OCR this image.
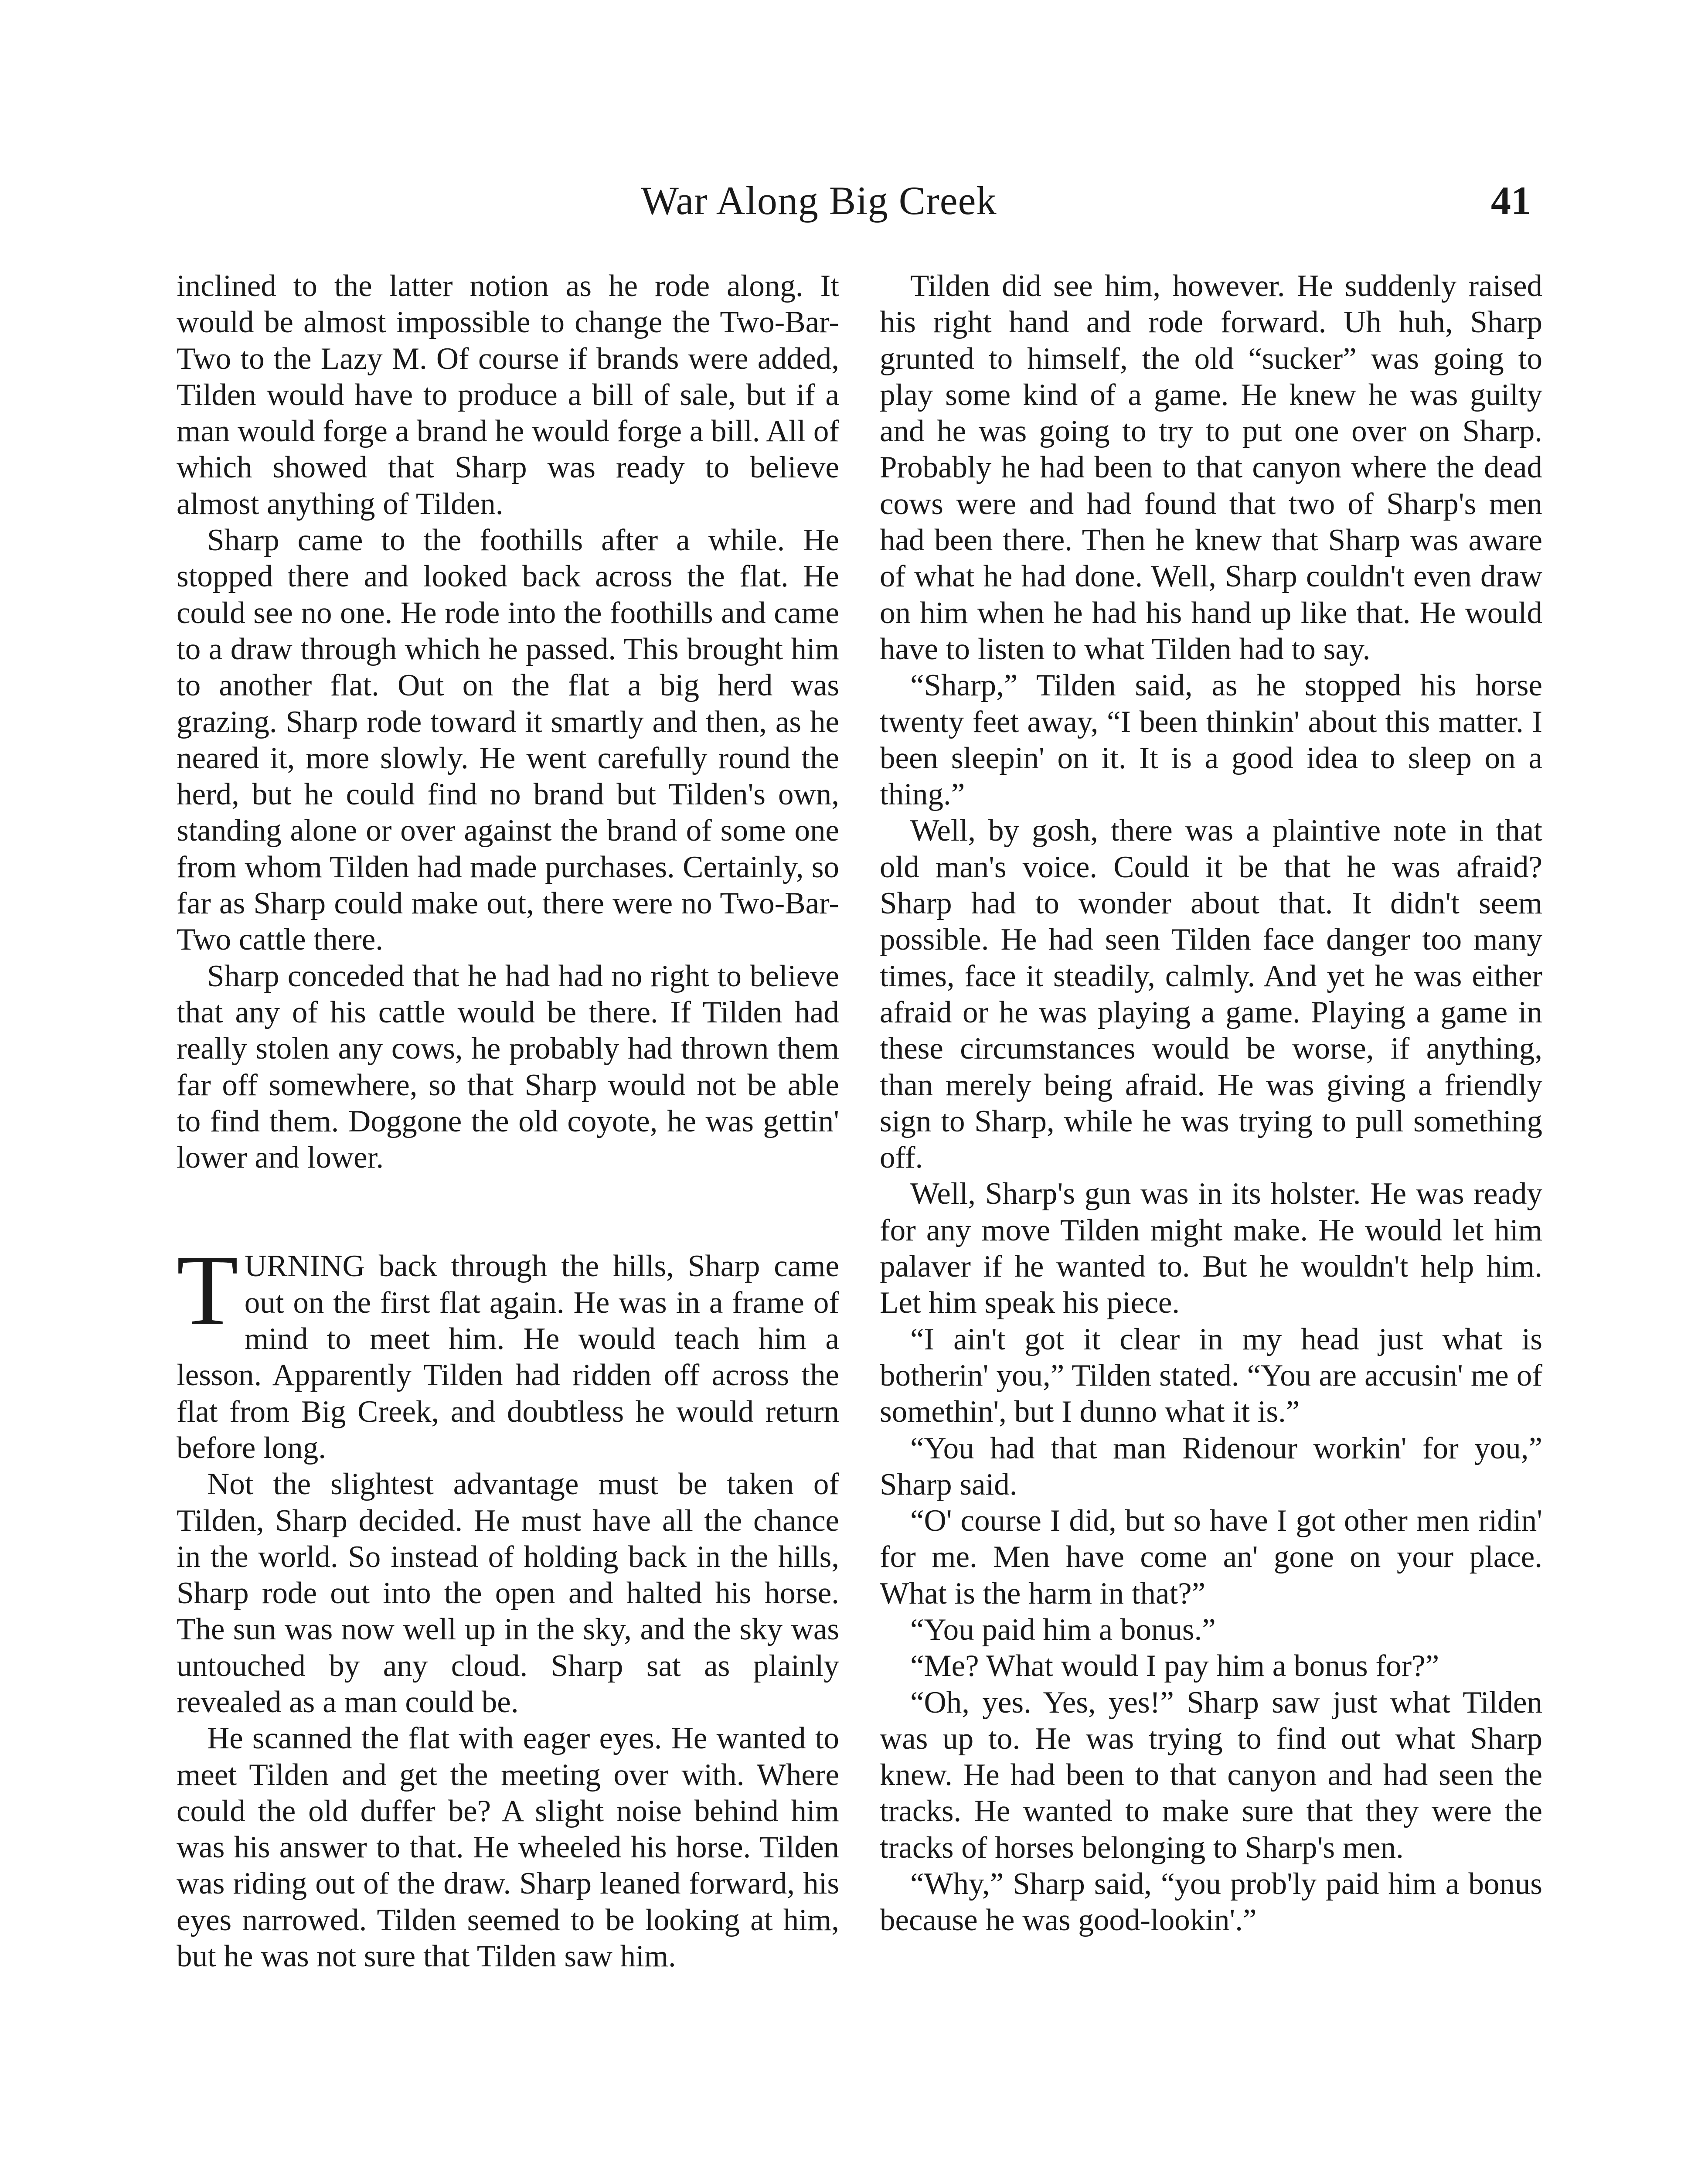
War Along Big Creek	41

inclined to the latter notion as he rode along. It would be almost impossible to change the Two-Bar-Two to the Lazy M. Of course if brands were added, Tilden would have to produce a bill of sale, but if a man would forge a brand he would forge a bill. All of which showed that Sharp was ready to believe almost anything of Tilden.

Sharp came to the foothills after a while. He stopped there and looked back across the flat. He could see no one. He rode into the foothills and came to a draw through which he passed. This brought him to another flat. Out on the flat a big herd was grazing. Sharp rode toward it smartly and then, as he neared it, more slowly. He went carefully round the herd, but he could find no brand but Tilden's own, standing alone or over against the brand of some one from whom Tilden had made purchases. Certainly, so far as Sharp could make out, there were no Two-Bar-Two cattle there.

Sharp conceded that he had had no right to believe that any of his cattle would be there. If Tilden had really stolen any cows, he probably had thrown them far off somewhere, so that Sharp would not be able to find them. Doggone the old coyote, he was gettin' lower and lower.

TURNING back through the hills, Sharp came out on the first flat again. He was in a frame of mind to meet him. He would teach him a lesson. Apparently Tilden had ridden off across the flat from Big Creek, and doubtless he would return before long.

Not the slightest advantage must be taken of Tilden, Sharp decided. He must have all the chance in the world. So instead of holding back in the hills, Sharp rode out into the open and halted his horse. The sun was now well up in the sky, and the sky was untouched by any cloud. Sharp sat as plainly revealed as a man could be.

He scanned the flat with eager eyes. He wanted to meet Tilden and get the meeting over with. Where could the old duffer be? A slight noise behind him was his answer to that. He wheeled his horse. Tilden was riding out of the draw. Sharp leaned forward, his eyes narrowed. Tilden seemed to be looking at him, but he was not sure that Tilden saw him.

Tilden did see him, however. He suddenly raised his right hand and rode forward. Uh huh, Sharp grunted to himself, the old “sucker” was going to play some kind of a game. He knew he was guilty and he was going to try to put one over on Sharp. Probably he had been to that canyon where the dead cows were and had found that two of Sharp's men had been there. Then he knew that Sharp was aware of what he had done. Well, Sharp couldn't even draw on him when he had his hand up like that. He would have to listen to what Tilden had to say.

“Sharp,” Tilden said, as he stopped his horse twenty feet away, “I been thinkin' about this matter. I been sleepin' on it. It is a good idea to sleep on a thing.”

Well, by gosh, there was a plaintive note in that old man's voice. Could it be that he was afraid? Sharp had to wonder about that. It didn't seem possible. He had seen Tilden face danger too many times, face it steadily, calmly. And yet he was either afraid or he was playing a game. Playing a game in these circumstances would be worse, if anything, than merely being afraid. He was giving a friendly sign to Sharp, while he was trying to pull something off.

Well, Sharp's gun was in its holster. He was ready for any move Tilden might make. He would let him palaver if he wanted to. But he wouldn't help him. Let him speak his piece.

“I ain't got it clear in my head just what is botherin' you,” Tilden stated. “You are accusin' me of somethin', but I dunno what it is.”

“You had that man Ridenour workin' for you,” Sharp said.

“O' course I did, but so have I got other men ridin' for me. Men have come an' gone on your place. What is the harm in that?”

“You paid him a bonus.”

“Me? What would I pay him a bonus for?”

“Oh, yes. Yes, yes!” Sharp saw just what Tilden was up to. He was trying to find out what Sharp knew. He had been to that canyon and had seen the tracks. He wanted to make sure that they were the tracks of horses belonging to Sharp's men.

“Why,” Sharp said, “you prob'ly paid him a bonus because he was good-lookin'.”
